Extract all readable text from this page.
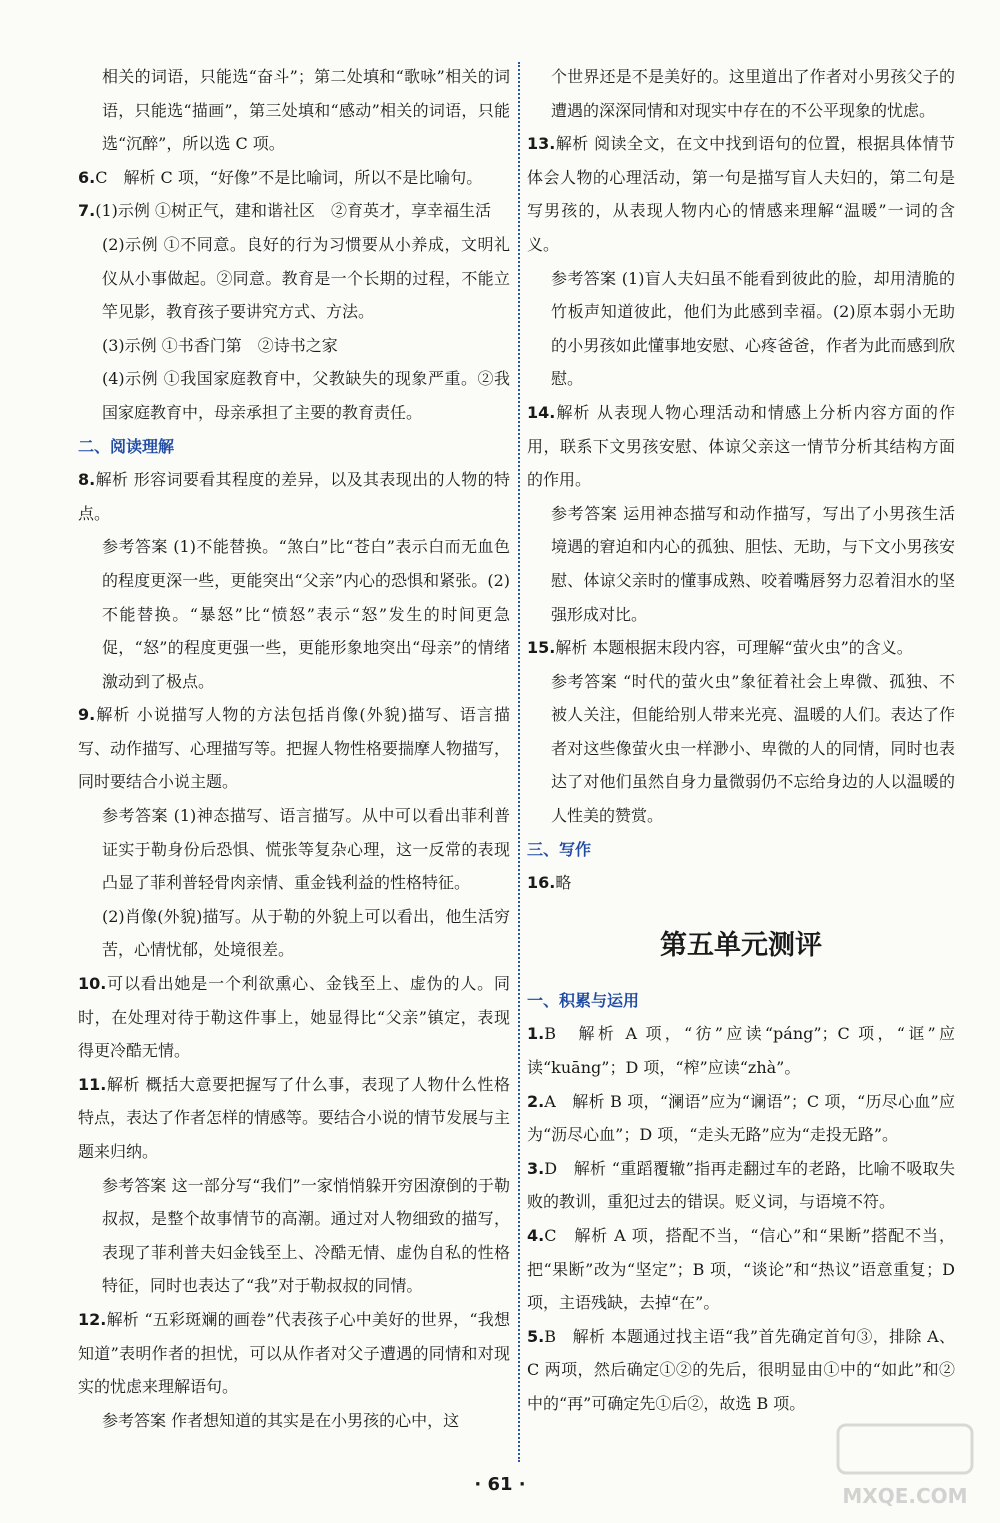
相关的词语，只能选“奋斗”；第二处填和“歌咏”相关的词语，只能选“描画”，第三处填和“感动”相关的词语，只能选“沉醉”，所以选 C 项。
6.C　解析 C 项，“好像”不是比喻词，所以不是比喻句。
7.(1)示例 ①树正气，建和谐社区　②育英才，享幸福生活
(2)示例 ①不同意。良好的行为习惯要从小养成，文明礼仪从小事做起。②同意。教育是一个长期的过程，不能立竿见影，教育孩子要讲究方式、方法。
(3)示例 ①书香门第　②诗书之家
(4)示例 ①我国家庭教育中，父教缺失的现象严重。②我国家庭教育中，母亲承担了主要的教育责任。
二、阅读理解
8.解析 形容词要看其程度的差异，以及其表现出的人物的特点。
参考答案 (1)不能替换。“煞白”比“苍白”表示白而无血色的程度更深一些，更能突出“父亲”内心的恐惧和紧张。(2)不能替换。“暴怒”比“愤怒”表示“怒”发生的时间更急促，“怒”的程度更强一些，更能形象地突出“母亲”的情绪激动到了极点。
9.解析 小说描写人物的方法包括肖像(外貌)描写、语言描写、动作描写、心理描写等。把握人物性格要揣摩人物描写，同时要结合小说主题。
参考答案 (1)神态描写、语言描写。从中可以看出菲利普证实于勒身份后恐惧、慌张等复杂心理，这一反常的表现凸显了菲利普轻骨肉亲情、重金钱利益的性格特征。
(2)肖像(外貌)描写。从于勒的外貌上可以看出，他生活穷苦，心情忧郁，处境很差。
10.可以看出她是一个利欲熏心、金钱至上、虚伪的人。同时，在处理对待于勒这件事上，她显得比“父亲”镇定，表现得更冷酷无情。
11.解析 概括大意要把握写了什么事，表现了人物什么性格特点，表达了作者怎样的情感等。要结合小说的情节发展与主题来归纳。
参考答案 这一部分写“我们”一家悄悄躲开穷困潦倒的于勒叔叔，是整个故事情节的高潮。通过对人物细致的描写，表现了菲利普夫妇金钱至上、冷酷无情、虚伪自私的性格特征，同时也表达了“我”对于勒叔叔的同情。
12.解析 “五彩斑斓的画卷”代表孩子心中美好的世界，“我想知道”表明作者的担忧，可以从作者对父子遭遇的同情和对现实的忧虑来理解语句。
参考答案 作者想知道的其实是在小男孩的心中，这
个世界还是不是美好的。这里道出了作者对小男孩父子的遭遇的深深同情和对现实中存在的不公平现象的忧虑。
13.解析 阅读全文，在文中找到语句的位置，根据具体情节体会人物的心理活动，第一句是描写盲人夫妇的，第二句是写男孩的，从表现人物内心的情感来理解“温暖”一词的含义。
参考答案 (1)盲人夫妇虽不能看到彼此的脸，却用清脆的竹板声知道彼此，他们为此感到幸福。(2)原本弱小无助的小男孩如此懂事地安慰、心疼爸爸，作者为此而感到欣慰。
14.解析 从表现人物心理活动和情感上分析内容方面的作用，联系下文男孩安慰、体谅父亲这一情节分析其结构方面的作用。
参考答案 运用神态描写和动作描写，写出了小男孩生活境遇的窘迫和内心的孤独、胆怯、无助，与下文小男孩安慰、体谅父亲时的懂事成熟、咬着嘴唇努力忍着泪水的坚强形成对比。
15.解析 本题根据末段内容，可理解“萤火虫”的含义。
参考答案 “时代的萤火虫”象征着社会上卑微、孤独、不被人关注，但能给别人带来光亮、温暖的人们。表达了作者对这些像萤火虫一样渺小、卑微的人的同情，同时也表达了对他们虽然自身力量微弱仍不忘给身边的人以温暖的人性美的赞赏。
三、写作
16.略
第五单元测评
一、积累与运用
1.B　解析 A 项，“彷”应读“páng”；C 项，“诓”应读“kuāng”；D 项，“榨”应读“zhà”。
2.A　解析 B 项，“澜语”应为“谰语”；C 项，“历尽心血”应为“沥尽心血”；D 项，“走头无路”应为“走投无路”。
3.D　解析 “重蹈覆辙”指再走翻过车的老路，比喻不吸取失败的教训，重犯过去的错误。贬义词，与语境不符。
4.C　解析 A 项，搭配不当，“信心”和“果断”搭配不当，把“果断”改为“坚定”；B 项，“谈论”和“热议”语意重复；D 项，主语残缺，去掉“在”。
5.B　解析 本题通过找主语“我”首先确定首句③，排除 A、C 两项，然后确定①②的先后，很明显由①中的“如此”和②中的“再”可确定先①后②，故选 B 项。
· 61 ·	MXQE.COM
